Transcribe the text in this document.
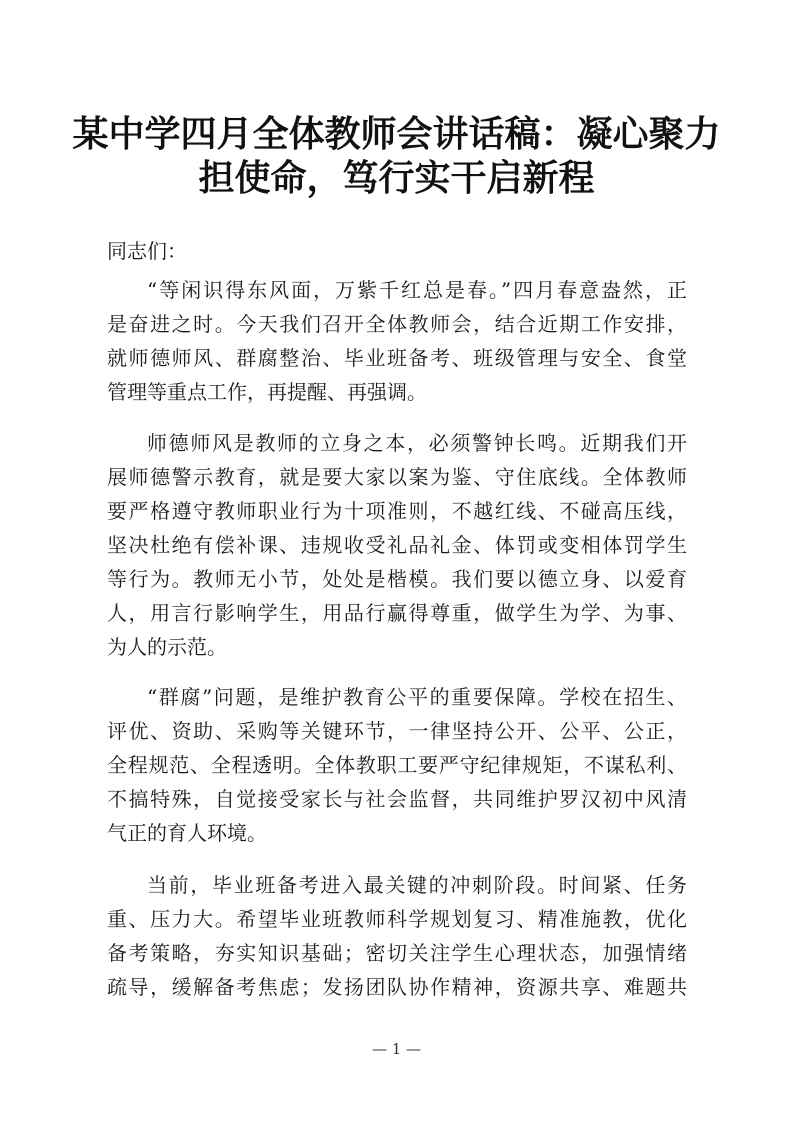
某中学四月全体教师会讲话稿：凝心聚力
担使命，笃行实干启新程
同志们：
“等闲识得东风面，万紫千红总是春。”四月春意盎然，正
是奋进之时。今天我们召开全体教师会，结合近期工作安排，
就师德师风、群腐整治、毕业班备考、班级管理与安全、食堂
管理等重点工作，再提醒、再强调。
师德师风是教师的立身之本，必须警钟长鸣。近期我们开
展师德警示教育，就是要大家以案为鉴、守住底线。全体教师
要严格遵守教师职业行为十项准则，不越红线、不碰高压线，
坚决杜绝有偿补课、违规收受礼品礼金、体罚或变相体罚学生
等行为。教师无小节，处处是楷模。我们要以德立身、以爱育
人，用言行影响学生，用品行赢得尊重，做学生为学、为事、
为人的示范。
“群腐”问题，是维护教育公平的重要保障。学校在招生、
评优、资助、采购等关键环节，一律坚持公开、公平、公正，
全程规范、全程透明。全体教职工要严守纪律规矩，不谋私利、
不搞特殊，自觉接受家长与社会监督，共同维护罗汉初中风清
气正的育人环境。
当前，毕业班备考进入最关键的冲刺阶段。时间紧、任务
重、压力大。希望毕业班教师科学规划复习、精准施教，优化
备考策略，夯实知识基础；密切关注学生心理状态，加强情绪
疏导，缓解备考焦虑；发扬团队协作精神，资源共享、难题共
— 1 —
